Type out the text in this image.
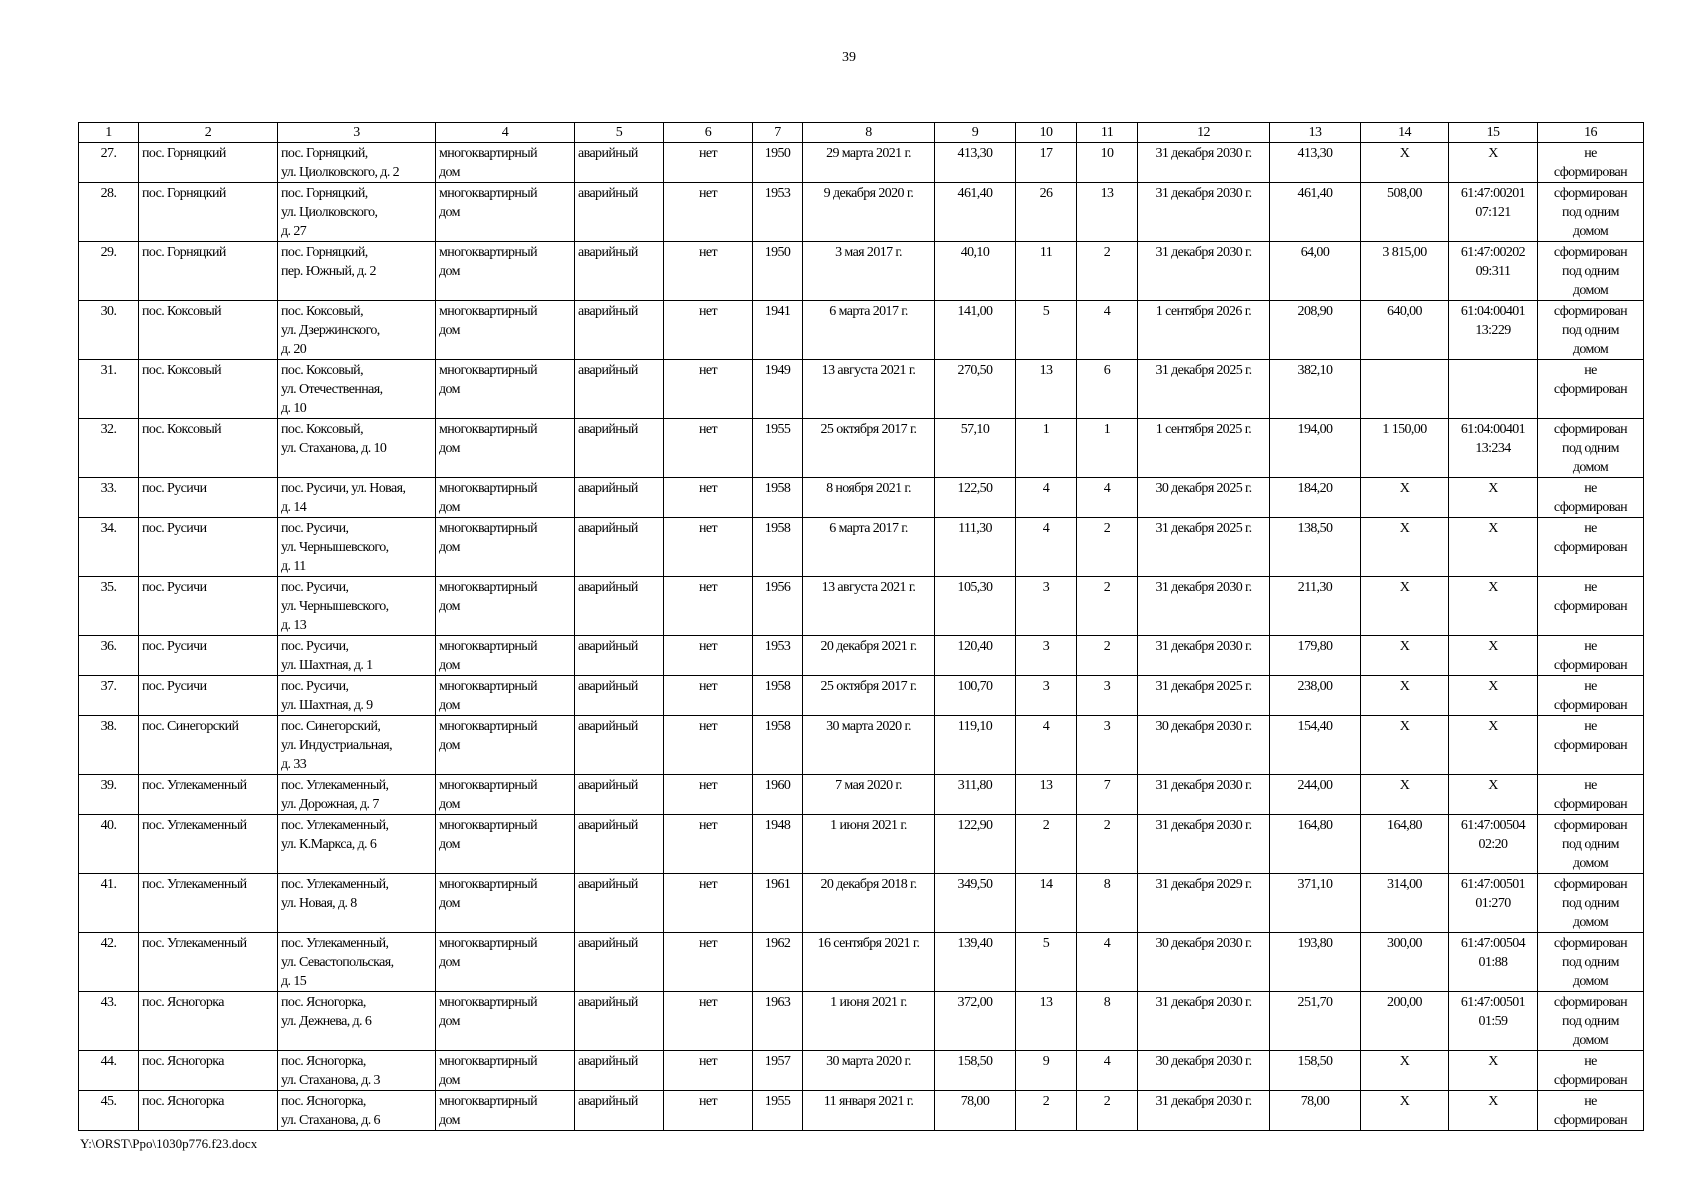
39
1	2	3	4	5	6	7	8	9	10	11	12	13	14	15	16
27.	пос. Горняцкий	пос. Горняцкий,
ул. Циолковского, д. 2	многоквартирный
дом	аварийный	нет	1950	29 марта 2021 г.	413,30	17	10	31 декабря 2030 г.	413,30	X	X	не
сформирован
28.	пос. Горняцкий	пос. Горняцкий,
ул. Циолковского,
д. 27	многоквартирный
дом	аварийный	нет	1953	9 декабря 2020 г.	461,40	26	13	31 декабря 2030 г.	461,40	508,00	61:47:00201
07:121	сформирован
под одним
домом
29.	пос. Горняцкий	пос. Горняцкий,
пер. Южный, д. 2	многоквартирный
дом	аварийный	нет	1950	3 мая 2017 г.	40,10	11	2	31 декабря 2030 г.	64,00	3 815,00	61:47:00202
09:311	сформирован
под одним
домом
30.	пос. Коксовый	пос. Коксовый,
ул. Дзержинского,
д. 20	многоквартирный
дом	аварийный	нет	1941	6 марта 2017 г.	141,00	5	4	1 сентября 2026 г.	208,90	640,00	61:04:00401
13:229	сформирован
под одним
домом
31.	пос. Коксовый	пос. Коксовый,
ул. Отечественная,
д. 10	многоквартирный
дом	аварийный	нет	1949	13 августа 2021 г.	270,50	13	6	31 декабря 2025 г.	382,10			не
сформирован
32.	пос. Коксовый	пос. Коксовый,
ул. Стаханова, д. 10	многоквартирный
дом	аварийный	нет	1955	25 октября 2017 г.	57,10	1	1	1 сентября 2025 г.	194,00	1 150,00	61:04:00401
13:234	сформирован
под одним
домом
33.	пос. Русичи	пос. Русичи, ул. Новая,
д. 14	многоквартирный
дом	аварийный	нет	1958	8 ноября 2021 г.	122,50	4	4	30 декабря 2025 г.	184,20	X	X	не
сформирован
34.	пос. Русичи	пос. Русичи,
ул. Чернышевского,
д. 11	многоквартирный
дом	аварийный	нет	1958	6 марта 2017 г.	111,30	4	2	31 декабря 2025 г.	138,50	X	X	не
сформирован
35.	пос. Русичи	пос. Русичи,
ул. Чернышевского,
д. 13	многоквартирный
дом	аварийный	нет	1956	13 августа 2021 г.	105,30	3	2	31 декабря 2030 г.	211,30	X	X	не
сформирован
36.	пос. Русичи	пос. Русичи,
ул. Шахтная, д. 1	многоквартирный
дом	аварийный	нет	1953	20 декабря 2021 г.	120,40	3	2	31 декабря 2030 г.	179,80	X	X	не
сформирован
37.	пос. Русичи	пос. Русичи,
ул. Шахтная, д. 9	многоквартирный
дом	аварийный	нет	1958	25 октября 2017 г.	100,70	3	3	31 декабря 2025 г.	238,00	X	X	не
сформирован
38.	пос. Синегорский	пос. Синегорский,
ул. Индустриальная,
д. 33	многоквартирный
дом	аварийный	нет	1958	30 марта 2020 г.	119,10	4	3	30 декабря 2030 г.	154,40	X	X	не
сформирован
39.	пос. Углекаменный	пос. Углекаменный,
ул. Дорожная, д. 7	многоквартирный
дом	аварийный	нет	1960	7 мая 2020 г.	311,80	13	7	31 декабря 2030 г.	244,00	X	X	не
сформирован
40.	пос. Углекаменный	пос. Углекаменный,
ул. К.Маркса, д. 6	многоквартирный
дом	аварийный	нет	1948	1 июня 2021 г.	122,90	2	2	31 декабря 2030 г.	164,80	164,80	61:47:00504
02:20	сформирован
под одним
домом
41.	пос. Углекаменный	пос. Углекаменный,
ул. Новая, д. 8	многоквартирный
дом	аварийный	нет	1961	20 декабря 2018 г.	349,50	14	8	31 декабря 2029 г.	371,10	314,00	61:47:00501
01:270	сформирован
под одним
домом
42.	пос. Углекаменный	пос. Углекаменный,
ул. Севастопольская,
д. 15	многоквартирный
дом	аварийный	нет	1962	16 сентября 2021 г.	139,40	5	4	30 декабря 2030 г.	193,80	300,00	61:47:00504
01:88	сформирован
под одним
домом
43.	пос. Ясногорка	пос. Ясногорка,
ул. Дежнева, д. 6	многоквартирный
дом	аварийный	нет	1963	1 июня 2021 г.	372,00	13	8	31 декабря 2030 г.	251,70	200,00	61:47:00501
01:59	сформирован
под одним
домом
44.	пос. Ясногорка	пос. Ясногорка,
ул. Стаханова, д. 3	многоквартирный
дом	аварийный	нет	1957	30 марта 2020 г.	158,50	9	4	30 декабря 2030 г.	158,50	X	X	не
сформирован
45.	пос. Ясногорка	пос. Ясногорка,
ул. Стаханова, д. 6	многоквартирный
дом	аварийный	нет	1955	11 января 2021 г.	78,00	2	2	31 декабря 2030 г.	78,00	X	X	не
сформирован
Y:\ORST\Ppo\1030p776.f23.docx
